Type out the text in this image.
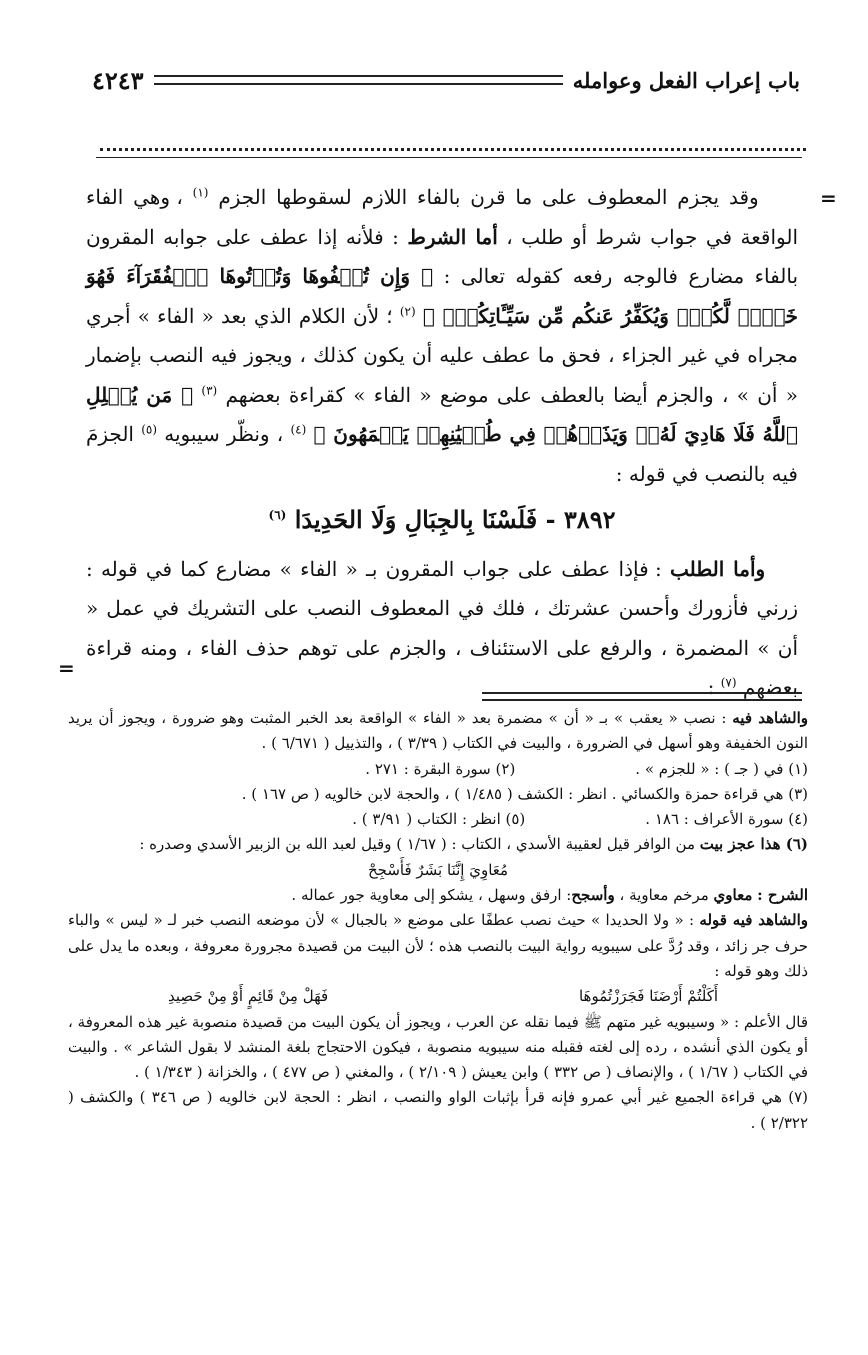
باب إعراب الفعل وعوامله
٤٢٤٣
=
=

وقد يجزم المعطوف على ما قرن بالفاء اللازم لسقوطها الجزم $^{(١)}$ ، وهي الفاء الواقعة في جواب شرط أو طلب ، أما الشرط : فلأنه إذا عطف على جوابه المقرون بالفاء مضارع فالوجه رفعه كقوله تعالى : ﴿ وَإِن تُخۡفُوهَا وَتُؤۡتُوهَا ٱلۡفُقَرَآءَ فَهُوَ خَيۡرٞ لَّكُمۡۚ وَيُكَفِّرُ عَنكُم مِّن سَيِّـَٔاتِكُمۡۚ ﴾ $^{(٢)}$ ؛ لأن الكلام الذي بعد « الفاء » أجري مجراه في غير الجزاء ، فحق ما عطف عليه أن يكون كذلك ، ويجوز فيه النصب بإضمار « أن » ، والجزم أيضا بالعطف على موضع « الفاء » كقراءة بعضهم $^{(٣)}$ ﴿ مَن يُضۡلِلِ ٱللَّهُ فَلَا هَادِيَ لَهُۥۚ وَيَذَرۡهُمۡ فِي طُغۡيَٰنِهِمۡ يَعۡمَهُونَ ﴾ $^{(٤)}$ ، ونظّر سيبويه $^{(٥)}$ الجزمَ فيه بالنصب في قوله :

٣٨٩٢ - فَلَسْنَا بِالجِبَالِ وَلَا الحَدِيدَا $^{(٦)}$

وأما الطلب : فإذا عطف على جواب المقرون بـ « الفاء » مضارع كما في قوله : زرني فأزورك وأحسن عشرتك ، فلك في المعطوف النصب على التشريك في عمل « أن » المضمرة ، والرفع على الاستئناف ، والجزم على توهم حذف الفاء ، ومنه قراءة بعضهم $^{(٧)}$ :

والشاهد فيه : نصب « يعقب » بـ « أن » مضمرة بعد « الفاء » الواقعة بعد الخبر المثبت وهو ضرورة ، ويجوز أن يريد النون الخفيفة وهو أسهل في الضرورة ، والبيت في الكتاب ( ٣/٣٩ ) ، والتذييل ( ٦/٦٧١ ) .

(١) في ( جـ ) : « للجزم » .
(٢) سورة البقرة : ٢٧١ .

(٣) هي قراءة حمزة والكسائي . انظر : الكشف ( ١/٤٨٥ ) ، والحجة لابن خالويه ( ص ١٦٧ ) .

(٤) سورة الأعراف : ١٨٦ .
(٥) انظر : الكتاب ( ٣/٩١ ) .

(٦) هذا عجز بيت من الوافر قيل لعقيبة الأسدي ، الكتاب : ( ١/٦٧ ) وقيل لعبد الله بن الزبير الأسدي وصدره :

مُعَاوِيَ إِنَّنَا بَشَرٌ فَأَسْجِحْ

الشرح : معاوي مرخم معاوية ، وأسجح: ارفق وسهل ، يشكو إلى معاوية جور عماله .

والشاهد فيه قوله : « ولا الحديدا » حيث نصب عطفًا على موضع « بالجبال » لأن موضعه النصب خبر لـ « ليس » والباء حرف جر زائد ، وقد رُدَّ على سيبويه رواية البيت بالنصب هذه ؛ لأن البيت من قصيدة مجرورة معروفة ، وبعده ما يدل على ذلك وهو قوله :

أَكَلْتُمْ أَرْضَنَا فَجَرَزْتُمُوهَا
فَهَلْ مِنْ قَائِمٍ أَوْ مِنْ حَصِيدِ

قال الأعلم : « وسيبويه غير متهم ﷺ فيما نقله عن العرب ، ويجوز أن يكون البيت من قصيدة منصوبة غير هذه المعروفة ، أو يكون الذي أنشده ، رده إلى لغته فقبله منه سيبويه منصوبة ، فيكون الاحتجاج بلغة المنشد لا بقول الشاعر » . والبيت في الكتاب ( ١/٦٧ ) ، والإنصاف ( ص ٣٣٢ ) وابن يعيش ( ٢/١٠٩ ) ، والمغني ( ص ٤٧٧ ) ، والخزانة ( ١/٣٤٣ ) .

(٧) هي قراءة الجميع غير أبي عمرو فإنه قرأ بإثبات الواو والنصب ، انظر : الحجة لابن خالويه ( ص ٣٤٦ ) والكشف ( ٢/٣٢٢ ) .
